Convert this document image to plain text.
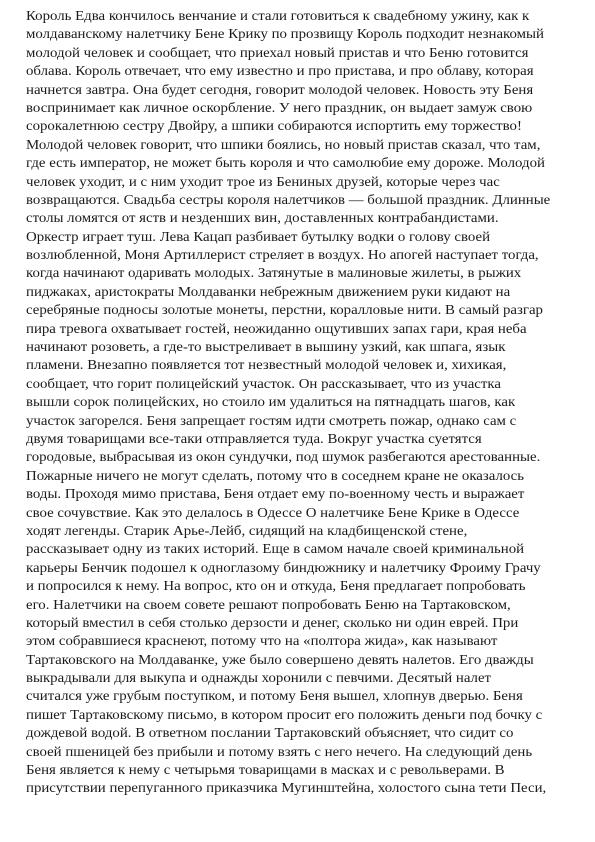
Король Едва кончилось венчание и стали готовиться к свадебному ужину, как к
молдаванскому налетчику Бене Крику по прозвищу Король подходит незнакомый
молодой человек и сообщает, что приехал новый пристав и что Беню готовится
облава. Король отвечает, что ему известно и про пристава, и про облаву, которая
начнется завтра. Она будет сегодня, говорит молодой человек. Новость эту Беня
воспринимает как личное оскорбление. У него праздник, он выдает замуж свою
сорокалетнюю сестру Двойру, а шпики собираются испортить ему торжество!
Молодой человек говорит, что шпики боялись, но новый пристав сказал, что там,
где есть император, не может быть короля и что самолюбие ему дороже. Молодой
человек уходит, и с ним уходит трое из Бениных друзей, которые через час
возвращаются. Свадьба сестры короля налетчиков — большой праздник. Длинные
столы ломятся от яств и незденших вин, доставленных контрабандистами.
Оркестр играет туш. Лева Кацап разбивает бутылку водки о голову своей
возлюбленной, Моня Артиллерист стреляет в воздух. Но апогей наступает тогда,
когда начинают одаривать молодых. Затянутые в малиновые жилеты, в рыжих
пиджаках, аристократы Молдаванки небрежным движением руки кидают на
серебряные подносы золотые монеты, перстни, коралловые нити. В самый разгар
пира тревога охватывает гостей, неожиданно ощутивших запах гари, края неба
начинают розоветь, а где-то выстреливает в вышину узкий, как шпага, язык
пламени. Внезапно появляется тот незвестный молодой человек и, хихикая,
сообщает, что горит полицейский участок. Он рассказывает, что из участка
вышли сорок полицейских, но стоило им удалиться на пятнадцать шагов, как
участок загорелся. Беня запрещает гостям идти смотреть пожар, однако сам с
двумя товарищами все-таки отправляется туда. Вокруг участка суетятся
городовые, выбрасывая из окон сундучки, под шумок разбегаются арестованные.
Пожарные ничего не могут сделать, потому что в соседнем кране не оказалось
воды. Проходя мимо пристава, Беня отдает ему по-военному честь и выражает
свое сочувствие. Как это делалось в Одессе О налетчике Бене Крике в Одессе
ходят легенды. Старик Арье-Лейб, сидящий на кладбищенской стене,
рассказывает одну из таких историй. Еще в самом начале своей криминальной
карьеры Бенчик подошел к одноглазому биндюжнику и налетчику Фроиму Грачу
и попросился к нему. На вопрос, кто он и откуда, Беня предлагает попробовать
его. Налетчики на своем совете решают попробовать Беню на Тартаковском,
который вместил в себя столько дерзости и денег, сколько ни один еврей. При
этом собравшиеся краснеют, потому что на «полтора жида», как называют
Тартаковского на Молдаванке, уже было совершено девять налетов. Его дважды
выкрадывали для выкупа и однажды хоронили с певчими. Десятый налет
считался уже грубым поступком, и потому Беня вышел, хлопнув дверью. Беня
пишет Тартаковскому письмо, в котором просит его положить деньги под бочку с
дождевой водой. В ответном послании Тартаковский объясняет, что сидит со
своей пшеницей без прибыли и потому взять с него нечего. На следующий день
Беня является к нему с четырьмя товарищами в масках и с револьверами. В
присутствии перепуганного приказчика Мугинштейна, холостого сына тети Песи,
